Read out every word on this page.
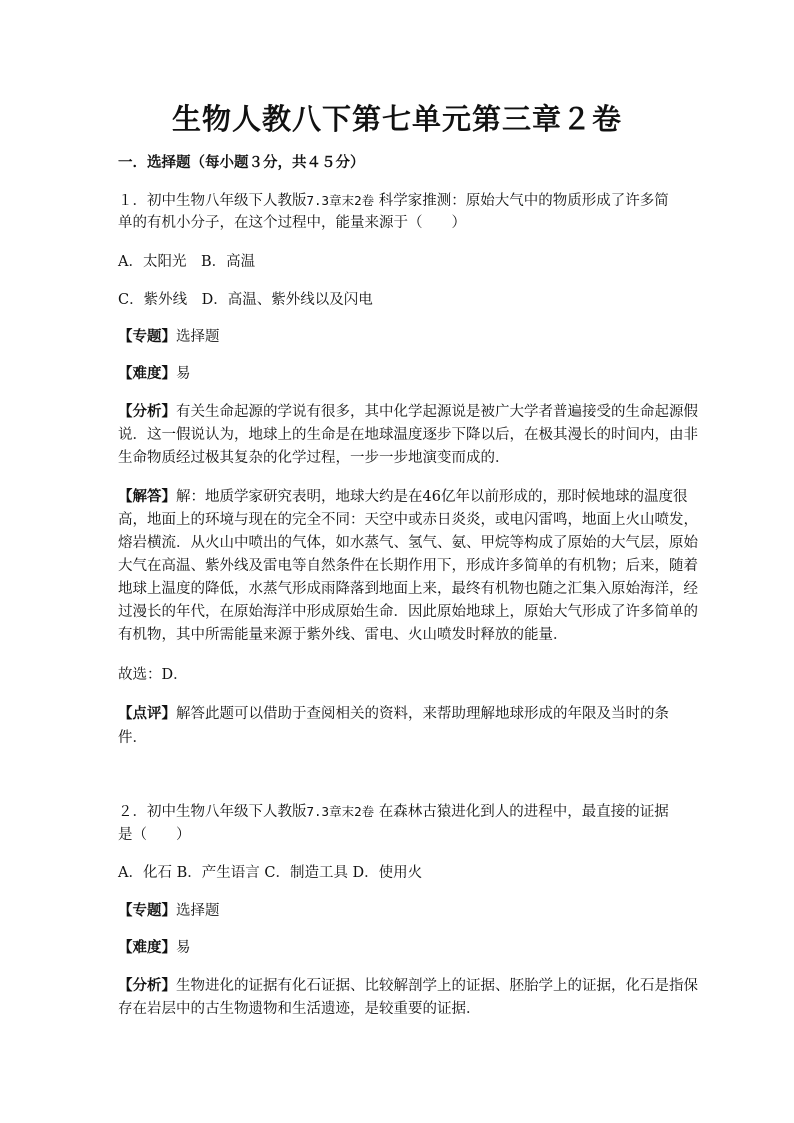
生物人教八下第七单元第三章２卷
一．选择题（每小题３分，共４５分）
１．初中生物八年级下人教版7.3章末2卷 科学家推测：原始大气中的物质形成了许多简
单的有机小分子，在这个过程中，能量来源于（　　）
A．太阳光　B．高温
C．紫外线　D．高温、紫外线以及闪电
【专题】选择题
【难度】易
【分析】有关生命起源的学说有很多，其中化学起源说是被广大学者普遍接受的生命起源假
说．这一假说认为，地球上的生命是在地球温度逐步下降以后，在极其漫长的时间内，由非
生命物质经过极其复杂的化学过程，一步一步地演变而成的．
【解答】解：地质学家研究表明，地球大约是在46亿年以前形成的，那时候地球的温度很
高，地面上的环境与现在的完全不同：天空中或赤日炎炎，或电闪雷鸣，地面上火山喷发，
熔岩横流．从火山中喷出的气体，如水蒸气、氢气、氨、甲烷等构成了原始的大气层，原始
大气在高温、紫外线及雷电等自然条件在长期作用下，形成许多简单的有机物；后来，随着
地球上温度的降低，水蒸气形成雨降落到地面上来，最终有机物也随之汇集入原始海洋，经
过漫长的年代，在原始海洋中形成原始生命．因此原始地球上，原始大气形成了许多简单的
有机物，其中所需能量来源于紫外线、雷电、火山喷发时释放的能量．
故选：D．
【点评】解答此题可以借助于查阅相关的资料，来帮助理解地球形成的年限及当时的条
件．
２．初中生物八年级下人教版7.3章末2卷 在森林古猿进化到人的进程中，最直接的证据
是（　　）
A．化石 B．产生语言 C．制造工具 D．使用火
【专题】选择题
【难度】易
【分析】生物进化的证据有化石证据、比较解剖学上的证据、胚胎学上的证据，化石是指保
存在岩层中的古生物遗物和生活遗迹，是较重要的证据．
